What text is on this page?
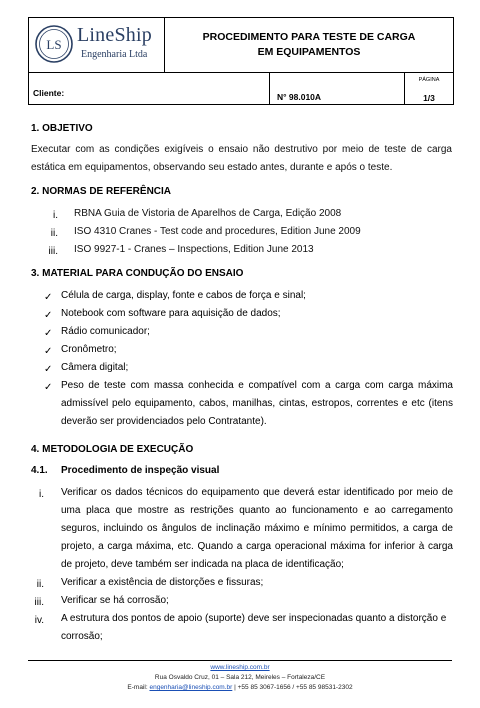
LS LineShip
Engenharia Ltda
PROCEDIMENTO PARA TESTE DE CARGA EM EQUIPAMENTOS
Cliente:	N° 98.010A
PÁGINA
1/3
1. OBJETIVO
Executar com as condições exigíveis o ensaio não destrutivo por meio de teste de carga estática em equipamentos, observando seu estado antes, durante e após o teste.
2. NORMAS DE REFERÊNCIA
i. RBNA Guia de Vistoria de Aparelhos de Carga, Edição 2008
ii. ISO 4310 Cranes - Test code and procedures, Edition June 2009
iii. ISO 9927-1 - Cranes – Inspections, Edition June 2013
3. MATERIAL PARA CONDUÇÃO DO ENSAIO
✓ Célula de carga, display, fonte e cabos de força e sinal;
✓ Notebook com software para aquisição de dados;
✓ Rádio comunicador;
✓ Cronômetro;
✓ Câmera digital;
✓ Peso de teste com massa conhecida e compatível com a carga com carga máxima admissível pelo equipamento, cabos, manilhas, cintas, estropos, correntes e etc (itens deverão ser providenciados pelo Contratante).
4. METODOLOGIA DE EXECUÇÃO
4.1. Procedimento de inspeção visual
i. Verificar os dados técnicos do equipamento que deverá estar identificado por meio de uma placa que mostre as restrições quanto ao funcionamento e ao carregamento seguros, incluindo os ângulos de inclinação máximo e mínimo permitidos, a carga de projeto, a carga máxima, etc. Quando a carga operacional máxima for inferior à carga de projeto, deve também ser indicada na placa de identificação;
ii. Verificar a existência de distorções e fissuras;
iii. Verificar se há corrosão;
iv. A estrutura dos pontos de apoio (suporte) deve ser inspecionadas quanto a distorção e corrosão;
www.lineship.com.br
Rua Osvaldo Cruz, 01 – Sala 212, Meireles – Fortaleza/CE
E-mail: engenharia@lineship.com.br | +55 85 3067-1656 / +55 85 98531-2302
